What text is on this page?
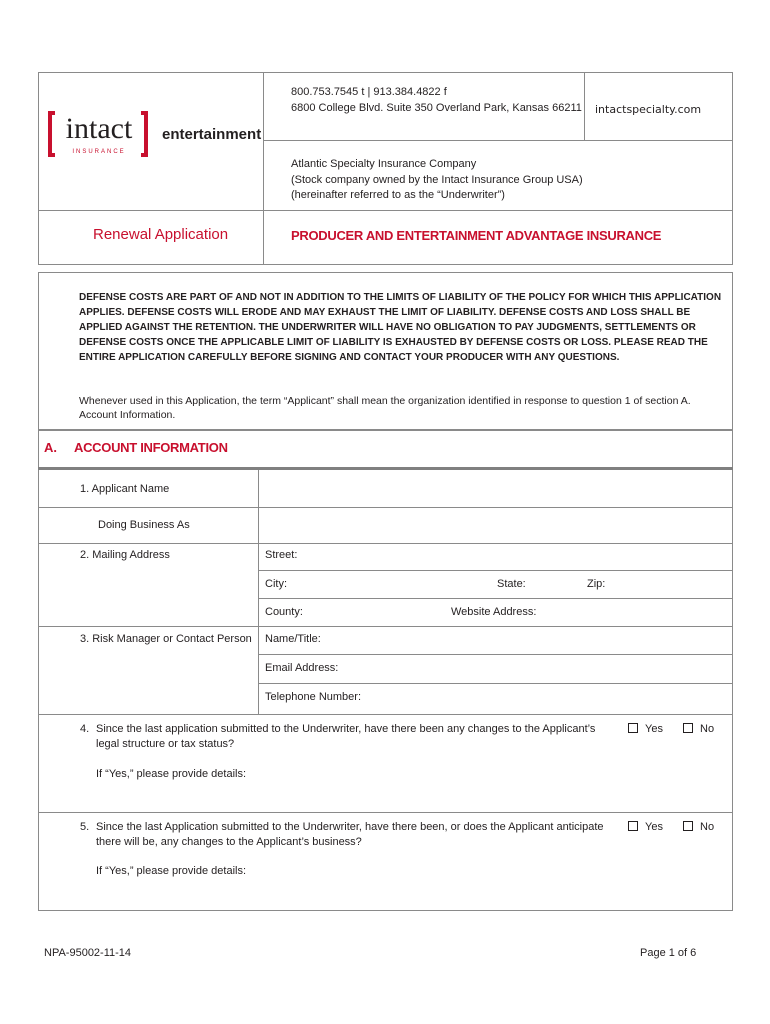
intact
INSURANCE
entertainment
800.753.7545 t | 913.384.4822 f
6800 College Blvd. Suite 350 Overland Park, Kansas 66211 intactspecialty.com
Atlantic Specialty Insurance Company
(Stock company owned by the Intact Insurance Group USA)
(hereinafter referred to as the “Underwriter”)
Renewal Application	PRODUCER AND ENTERTAINMENT ADVANTAGE INSURANCE
DEFENSE COSTS ARE PART OF AND NOT IN ADDITION TO THE LIMITS OF LIABILITY OF THE POLICY FOR WHICH THIS APPLICATION APPLIES. DEFENSE COSTS WILL ERODE AND MAY EXHAUST THE LIMIT OF LIABILITY. DEFENSE COSTS AND LOSS SHALL BE APPLIED AGAINST THE RETENTION. THE UNDERWRITER WILL HAVE NO OBLIGATION TO PAY JUDGMENTS, SETTLEMENTS OR DEFENSE COSTS ONCE THE APPLICABLE LIMIT OF LIABILITY IS EXHAUSTED BY DEFENSE COSTS OR LOSS. PLEASE READ THE ENTIRE APPLICATION CAREFULLY BEFORE SIGNING AND CONTACT YOUR PRODUCER WITH ANY QUESTIONS.
Whenever used in this Application, the term “Applicant” shall mean the organization identified in response to question 1 of section A. Account Information.
A. ACCOUNT INFORMATION
1. Applicant Name
Doing Business As
2. Mailing Address	Street:
City:	State:	Zip:
County:	Website Address:
3. Risk Manager or Contact Person Name/Title:
Email Address:
Telephone Number:
4. Since the last application submitted to the Underwriter, have there been any changes to the Applicant’s legal structure or tax status?
Yes	No
If “Yes,” please provide details:
5. Since the last Application submitted to the Underwriter, have there been, or does the Applicant anticipate there will be, any changes to the Applicant’s business?
Yes	No
If “Yes,” please provide details:
NPA-95002-11-14	Page 1 of 6
